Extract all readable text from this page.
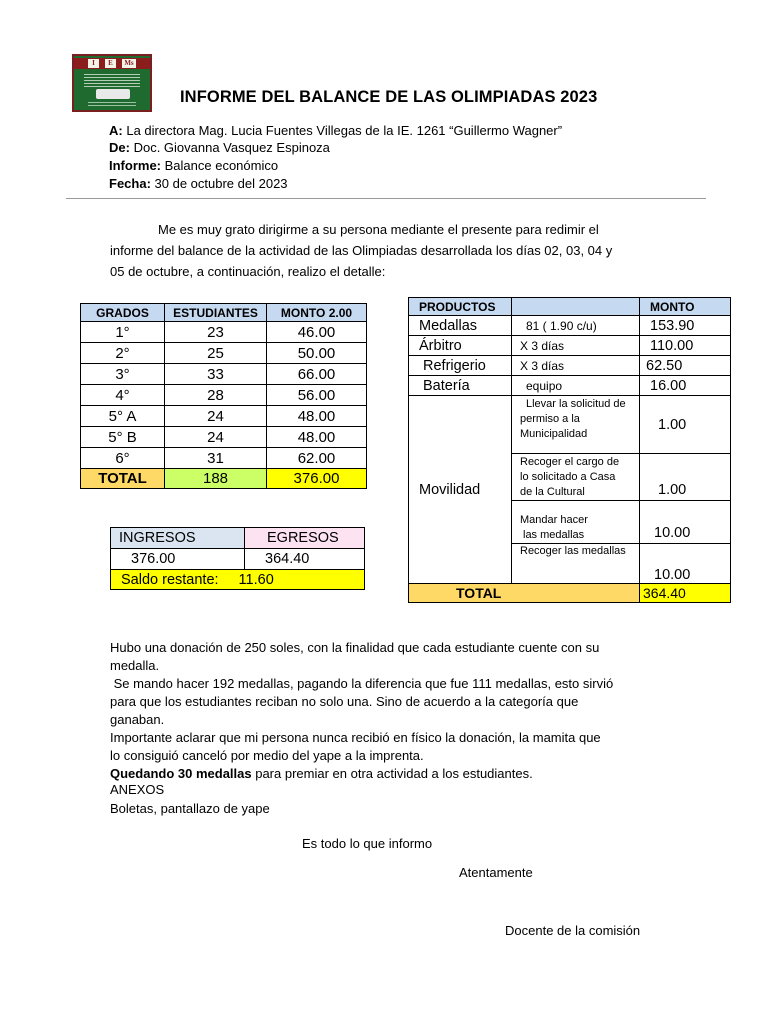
I	E	Ms
INFORME DEL BALANCE DE LAS OLIMPIADAS 2023
A: La directora Mag. Lucia Fuentes Villegas de la IE. 1261 “Guillermo Wagner”
De: Doc. Giovanna Vasquez Espinoza
Informe: Balance económico
Fecha: 30 de octubre del 2023
Me es muy grato dirigirme a su persona mediante el presente para redimir el
informe del balance de la actividad de las Olimpiadas desarrollada los días 02, 03, 04 y
05 de octubre, a continuación, realizo el detalle:
GRADOS	ESTUDIANTES	MONTO 2.00
1°	23	46.00
2°	25	50.00
3°	33	66.00
4°	28	56.00
5° A	24	48.00
5° B	24	48.00
6°	31	62.00
TOTAL	188	376.00
INGRESOS	EGRESOS
376.00	364.40
Saldo restante: 11.60	
PRODUCTOS		MONTO
Medallas	81 ( 1.90 c/u)	153.90
Árbitro	X 3 días	110.00
Refrigerio	X 3 días	62.50
Batería	equipo	16.00
Movilidad	Llevar la solicitud de
permiso a la
Municipalidad	1.00

	Recoger el cargo de
lo solicitado a Casa
de la Cultural	1.00

	Mandar hacer
las medallas	10.00

	Recoger las medallas	10.00
TOTAL		364.40
Hubo una donación de 250 soles, con la finalidad que cada estudiante cuente con su
medalla.
Se mando hacer 192 medallas, pagando la diferencia que fue 111 medallas, esto sirvió
para que los estudiantes reciban no solo una. Sino de acuerdo a la categoría que
ganaban.
Importante aclarar que mi persona nunca recibió en físico la donación, la mamita que
lo consiguió canceló por medio del yape a la imprenta.
Quedando 30 medallas para premiar en otra actividad a los estudiantes.
ANEXOS
Boletas, pantallazo de yape
Es todo lo que informo
Atentamente
Docente de la comisión
